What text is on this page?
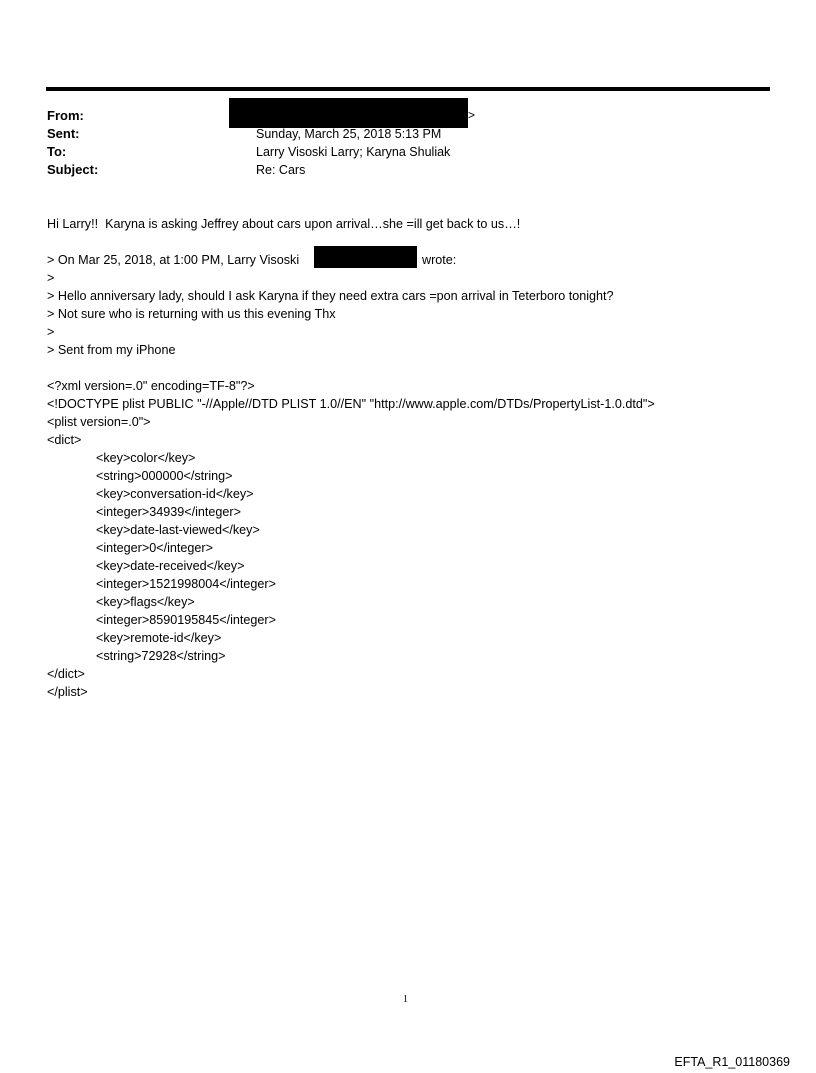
From:	>
Sent:	Sunday, March 25, 2018 5:13 PM
To:	Larry Visoski Larry; Karyna Shuliak
Subject:	Re: Cars
Hi Larry!!  Karyna is asking Jeffrey about cars upon arrival…she =ill get back to us…!
> On Mar 25, 2018, at 1:00 PM, Larry Visoski	wrote:
>
> Hello anniversary lady, should I ask Karyna if they need extra cars =pon arrival in Teterboro tonight?
> Not sure who is returning with us this evening Thx
>
> Sent from my iPhone
<?xml version=.0" encoding=TF-8"?>
<!DOCTYPE plist PUBLIC "-//Apple//DTD PLIST 1.0//EN" "http://www.apple.com/DTDs/PropertyList-1.0.dtd">
<plist version=.0">
<dict>
<key>color</key>
<string>000000</string>
<key>conversation-id</key>
<integer>34939</integer>
<key>date-last-viewed</key>
<integer>0</integer>
<key>date-received</key>
<integer>1521998004</integer>
<key>flags</key>
<integer>8590195845</integer>
<key>remote-id</key>
<string>72928</string>
</dict>
</plist>
1
EFTA_R1_01180369
